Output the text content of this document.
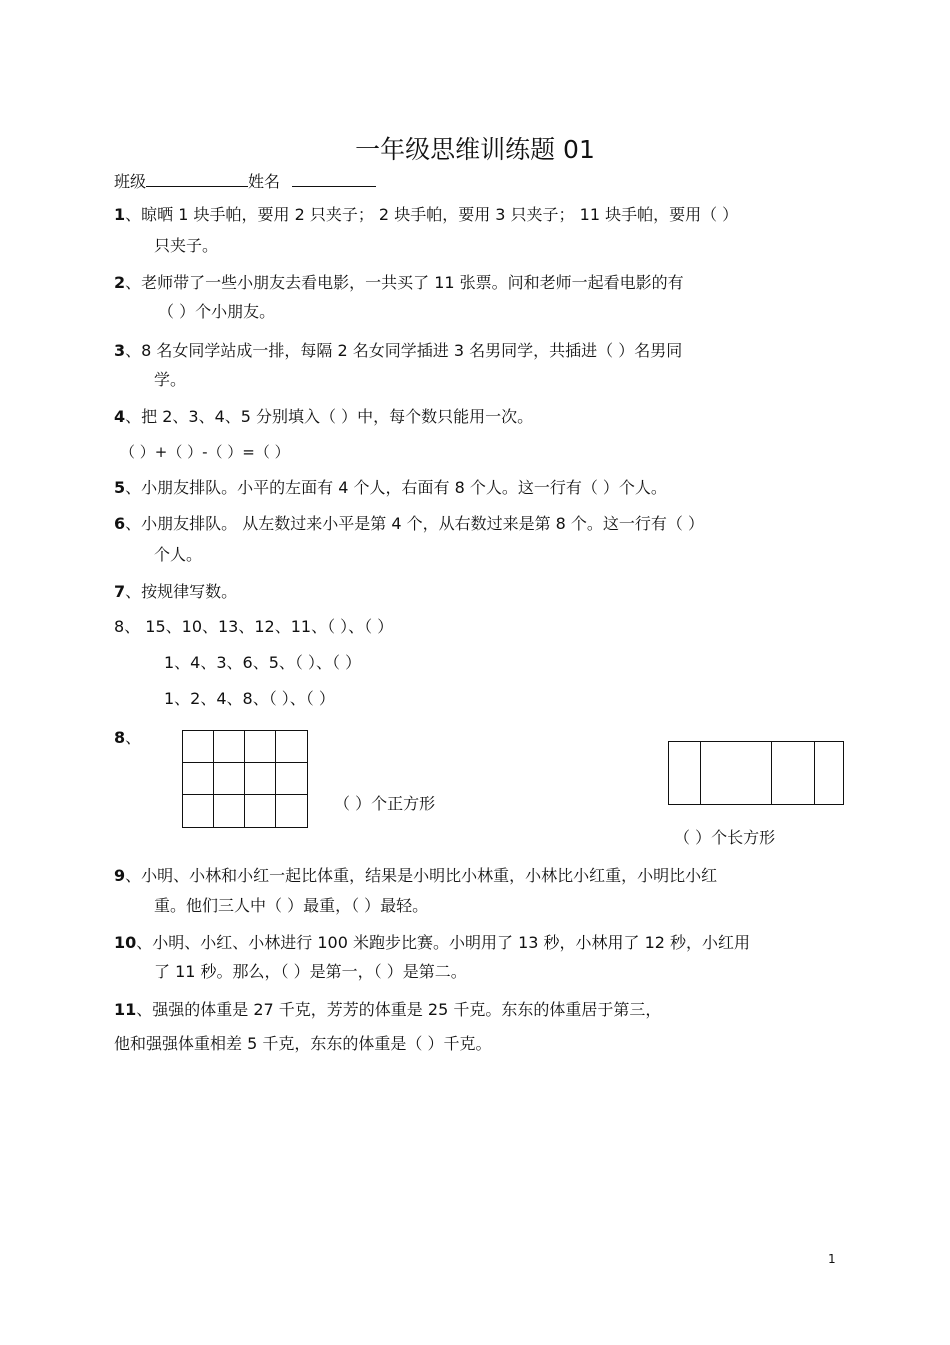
一年级思维训练题 01
班级	姓名
1、晾晒 1 块手帕，要用 2 只夹子； 2 块手帕，要用 3 只夹子； 11 块手帕，要用（ ）
只夹子。
2、老师带了一些小朋友去看电影，一共买了 11 张票。问和老师一起看电影的有
（ ）个小朋友。
3、8 名女同学站成一排，每隔 2 名女同学插进 3 名男同学，共插进（ ）名男同
学。
4、把 2、3、4、5 分别填入（ ）中，每个数只能用一次。
（ ）+（ ）-（ ）=（ ）
5、小朋友排队。小平的左面有 4 个人，右面有 8 个人。这一行有（ ）个人。
6、小朋友排队。 从左数过来小平是第 4 个，从右数过来是第 8 个。这一行有（ ）
个人。
7、按规律写数。
8、 15、10、13、12、11、（ ）、（ ）
1、4、3、6、5、（ ）、（ ）
1、2、4、8、（ ）、（ ）
8、
（ ）个正方形
（ ）个长方形
9、小明、小林和小红一起比体重，结果是小明比小林重，小林比小红重，小明比小红
重。他们三人中（ ）最重，（ ）最轻。
10、小明、小红、小林进行 100 米跑步比赛。小明用了 13 秒，小林用了 12 秒，小红用
了 11 秒。那么，（ ）是第一，（ ）是第二。
11、强强的体重是 27 千克，芳芳的体重是 25 千克。东东的体重居于第三，
他和强强体重相差 5 千克，东东的体重是（ ）千克。
1
